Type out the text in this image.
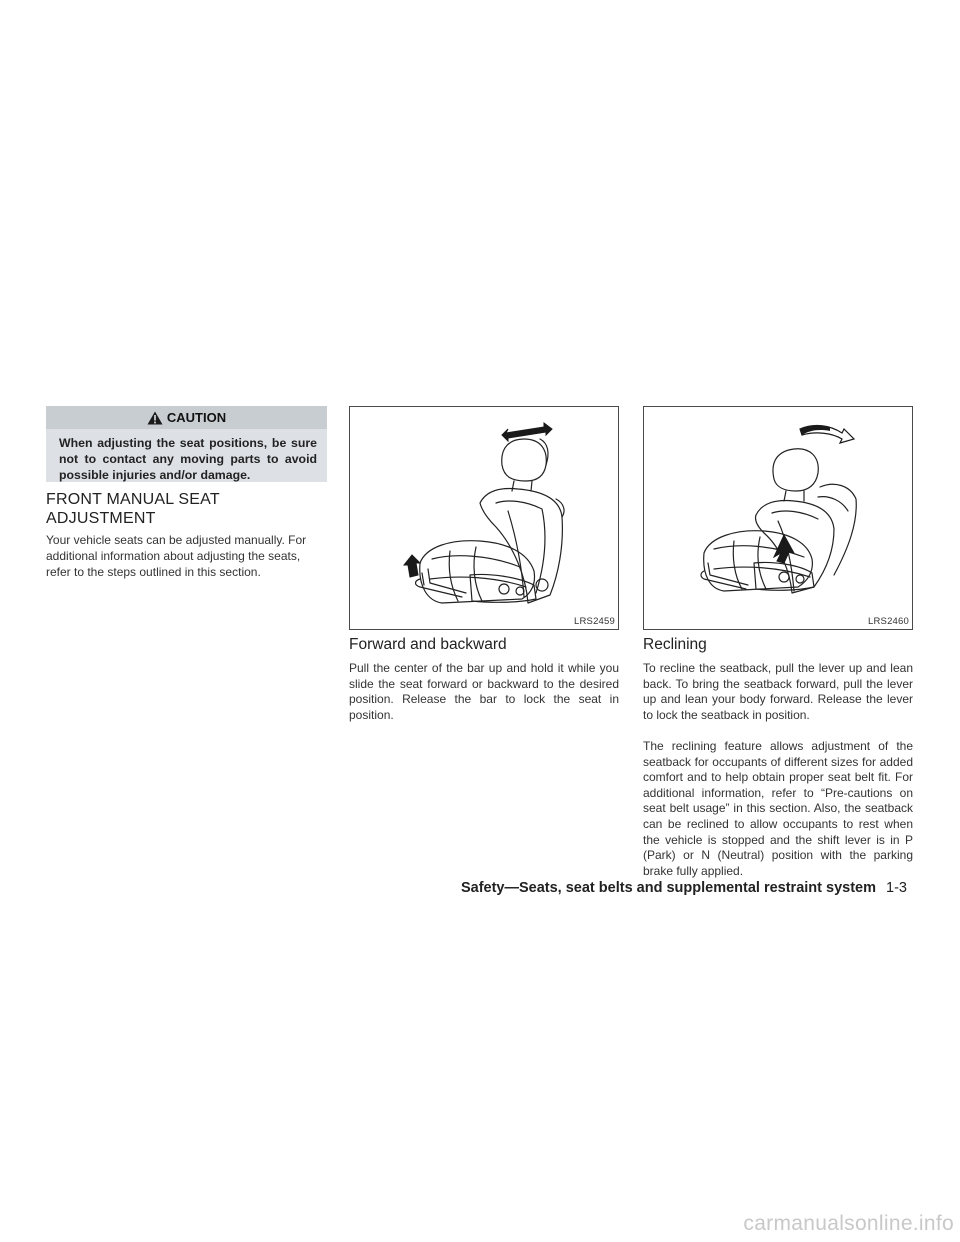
CAUTION
When adjusting the seat positions, be sure not to contact any moving parts to avoid possible injuries and/or damage.
FRONT MANUAL SEAT
ADJUSTMENT

Your vehicle seats can be adjusted manually. For additional information about adjusting the seats, refer to the steps outlined in this section.

LRS2459	LRS2460
Forward and backward

Pull the center of the bar up and hold it while you slide the seat forward or backward to the desired position. Release the bar to lock the seat in position.

Reclining

To recline the seatback, pull the lever up and lean back. To bring the seatback forward, pull the lever up and lean your body forward. Release the lever to lock the seatback in position.

The reclining feature allows adjustment of the seatback for occupants of different sizes for added comfort and to help obtain proper seat belt fit. For additional information, refer to “Pre-cautions on seat belt usage” in this section. Also, the seatback can be reclined to allow occupants to rest when the vehicle is stopped and the shift lever is in P (Park) or N (Neutral) position with the parking brake fully applied.

Safety—Seats, seat belts and supplemental restraint system 1-3
carmanualsonline.info
